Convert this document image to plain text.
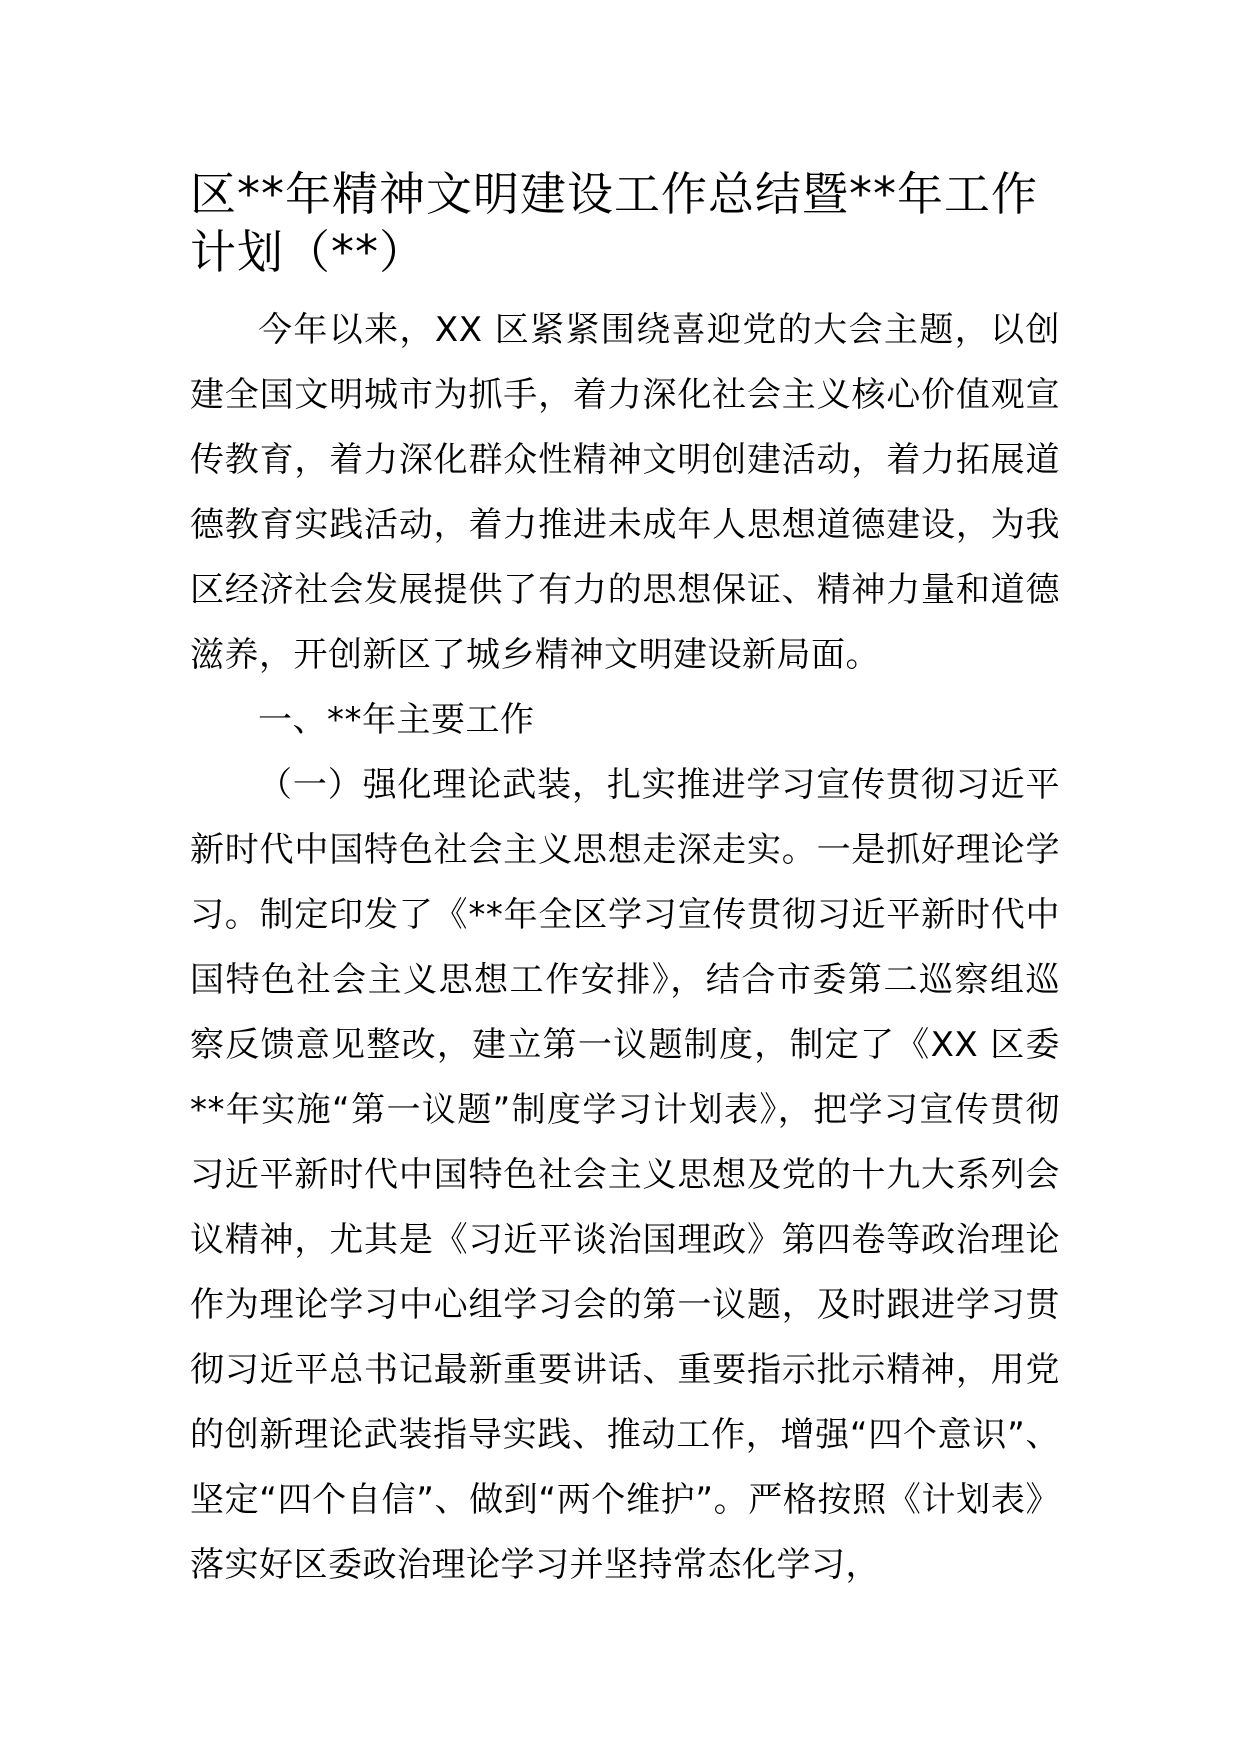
区**年精神文明建设工作总结暨**年工作计划（**）

今年以来，XX 区紧紧围绕喜迎党的大会主题，以创建全国文明城市为抓手，着力深化社会主义核心价值观宣传教育，着力深化群众性精神文明创建活动，着力拓展道德教育实践活动，着力推进未成年人思想道德建设，为我区经济社会发展提供了有力的思想保证、精神力量和道德滋养，开创新区了城乡精神文明建设新局面。

一、**年主要工作

（一）强化理论武装，扎实推进学习宣传贯彻习近平新时代中国特色社会主义思想走深走实。一是抓好理论学习。制定印发了《**年全区学习宣传贯彻习近平新时代中国特色社会主义思想工作安排》，结合市委第二巡察组巡察反馈意见整改，建立第一议题制度，制定了《XX 区委**年实施“第一议题”制度学习计划表》，把学习宣传贯彻习近平新时代中国特色社会主义思想及党的十九大系列会议精神，尤其是《习近平谈治国理政》第四卷等政治理论作为理论学习中心组学习会的第一议题，及时跟进学习贯彻习近平总书记最新重要讲话、重要指示批示精神，用党的创新理论武装指导实践、推动工作，增强“四个意识”、坚定“四个自信”、做到“两个维护”。严格按照《计划表》落实好区委政治理论学习并坚持常态化学习，
